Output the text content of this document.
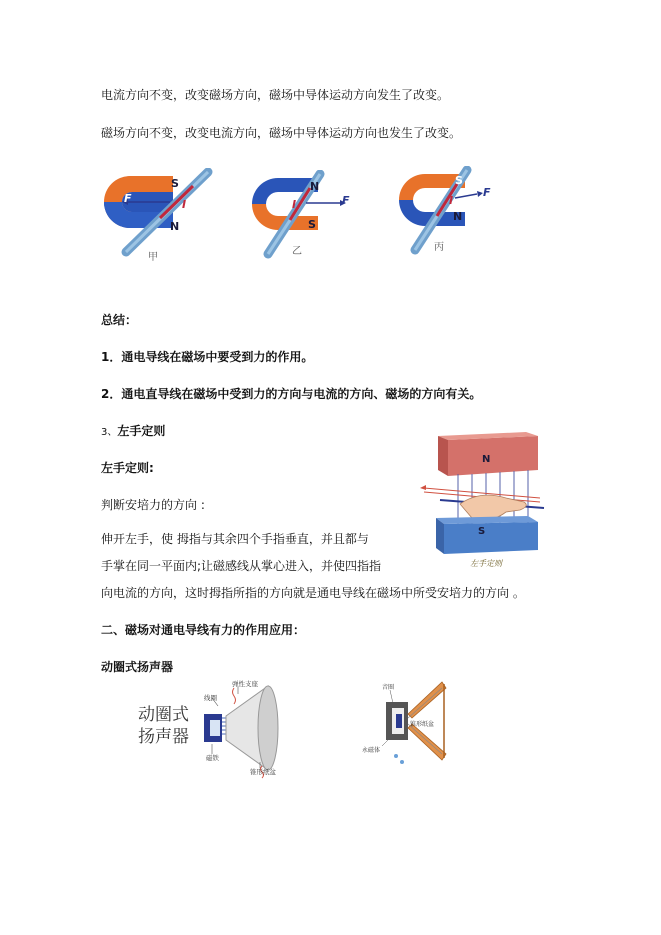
电流方向不变，改变磁场方向，磁场中导体运动方向发生了改变。
磁场方向不变，改变电流方向，磁场中导体运动方向也发生了改变。
S
N
F	I
甲
N
S
F
I
乙
S
N
F
I
丙
总结：
1．通电导线在磁场中要受到力的作用。
2．通电直导线在磁场中受到力的方向与电流的方向、磁场的方向有关。
3、左手定则
左手定则:
判断安培力的方向 :
伸开左手，使 拇指与其余四个手指垂直，并且都与
手掌在同一平面内;让磁感线从掌心进入，并使四指指
向电流的方向，这时拇指所指的方向就是通电导线在磁场中所受安培力的方向 。
N
S
左手定则
二、磁场对通电导线有力的作用应用：
动圈式扬声器
动圈式
扬声器
线圈
弹性支座
磁铁
锥形纸盆
音圈
锥形纸盆
永磁体
